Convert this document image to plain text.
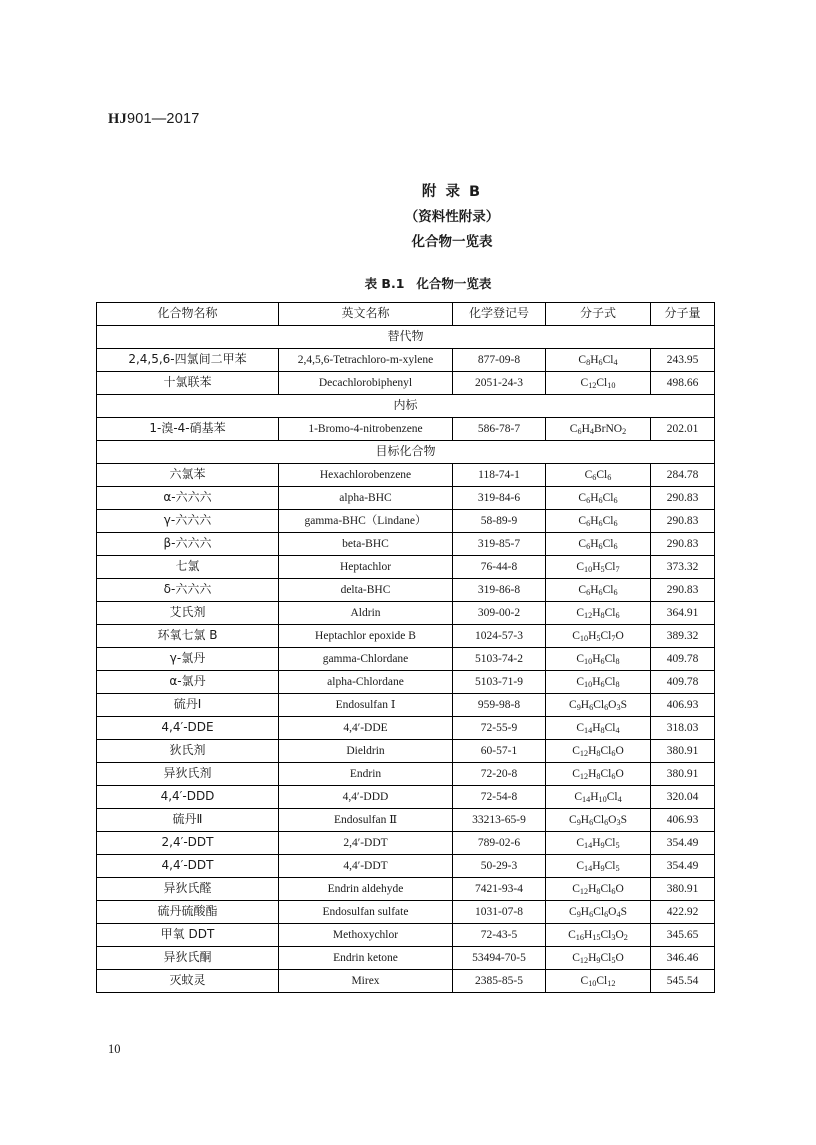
HJ901—2017
附 录 B
（资料性附录）
化合物一览表
表 B.1 化合物一览表
化合物名称	英文名称	化学登记号	分子式	分子量
替代物				
2,4,5,6-四氯间二甲苯	2,4,5,6-Tetrachloro-m-xylene	877-09-8	$C_8H_6Cl_4$	243.95
十氯联苯	Decachlorobiphenyl	2051-24-3	$C_{12}Cl_{10}$	498.66
内标				
1-溴-4-硝基苯	1-Bromo-4-nitrobenzene	586-78-7	$C_6H_4BrNO_2$	202.01
目标化合物				
六氯苯	Hexachlorobenzene	118-74-1	$C_6Cl_6$	284.78
α-六六六	alpha-BHC	319-84-6	$C_6H_6Cl_6$	290.83
γ-六六六	gamma-BHC（Lindane）	58-89-9	$C_6H_6Cl_6$	290.83
β-六六六	beta-BHC	319-85-7	$C_6H_6Cl_6$	290.83
七氯	Heptachlor	76-44-8	$C_{10}H_5Cl_7$	373.32
δ-六六六	delta-BHC	319-86-8	$C_6H_6Cl_6$	290.83
艾氏剂	Aldrin	309-00-2	$C_{12}H_8Cl_6$	364.91
环氧七氯 B	Heptachlor epoxide B	1024-57-3	$C_{10}H_5Cl_7O$	389.32
γ-氯丹	gamma-Chlordane	5103-74-2	$C_{10}H_6Cl_8$	409.78
α-氯丹	alpha-Chlordane	5103-71-9	$C_{10}H_6Cl_8$	409.78
硫丹Ⅰ	Endosulfan Ⅰ	959-98-8	$C_9H_6Cl_6O_3S$	406.93
4,4′-DDE	4,4′-DDE	72-55-9	$C_{14}H_8Cl_4$	318.03
狄氏剂	Dieldrin	60-57-1	$C_{12}H_8Cl_6O$	380.91
异狄氏剂	Endrin	72-20-8	$C_{12}H_8Cl_6O$	380.91
4,4′-DDD	4,4′-DDD	72-54-8	$C_{14}H_{10}Cl_4$	320.04
硫丹Ⅱ	Endosulfan Ⅱ	33213-65-9	$C_9H_6Cl_6O_3S$	406.93
2,4′-DDT	2,4′-DDT	789-02-6	$C_{14}H_9Cl_5$	354.49
4,4′-DDT	4,4′-DDT	50-29-3	$C_{14}H_9Cl_5$	354.49
异狄氏醛	Endrin aldehyde	7421-93-4	$C_{12}H_8Cl_6O$	380.91
硫丹硫酸酯	Endosulfan sulfate	1031-07-8	$C_9H_6Cl_6O_4S$	422.92
甲氧 DDT	Methoxychlor	72-43-5	$C_{16}H_{15}Cl_3O_2$	345.65
异狄氏酮	Endrin ketone	53494-70-5	$C_{12}H_9Cl_5O$	346.46
灭蚊灵	Mirex	2385-85-5	$C_{10}Cl_{12}$	545.54
10
